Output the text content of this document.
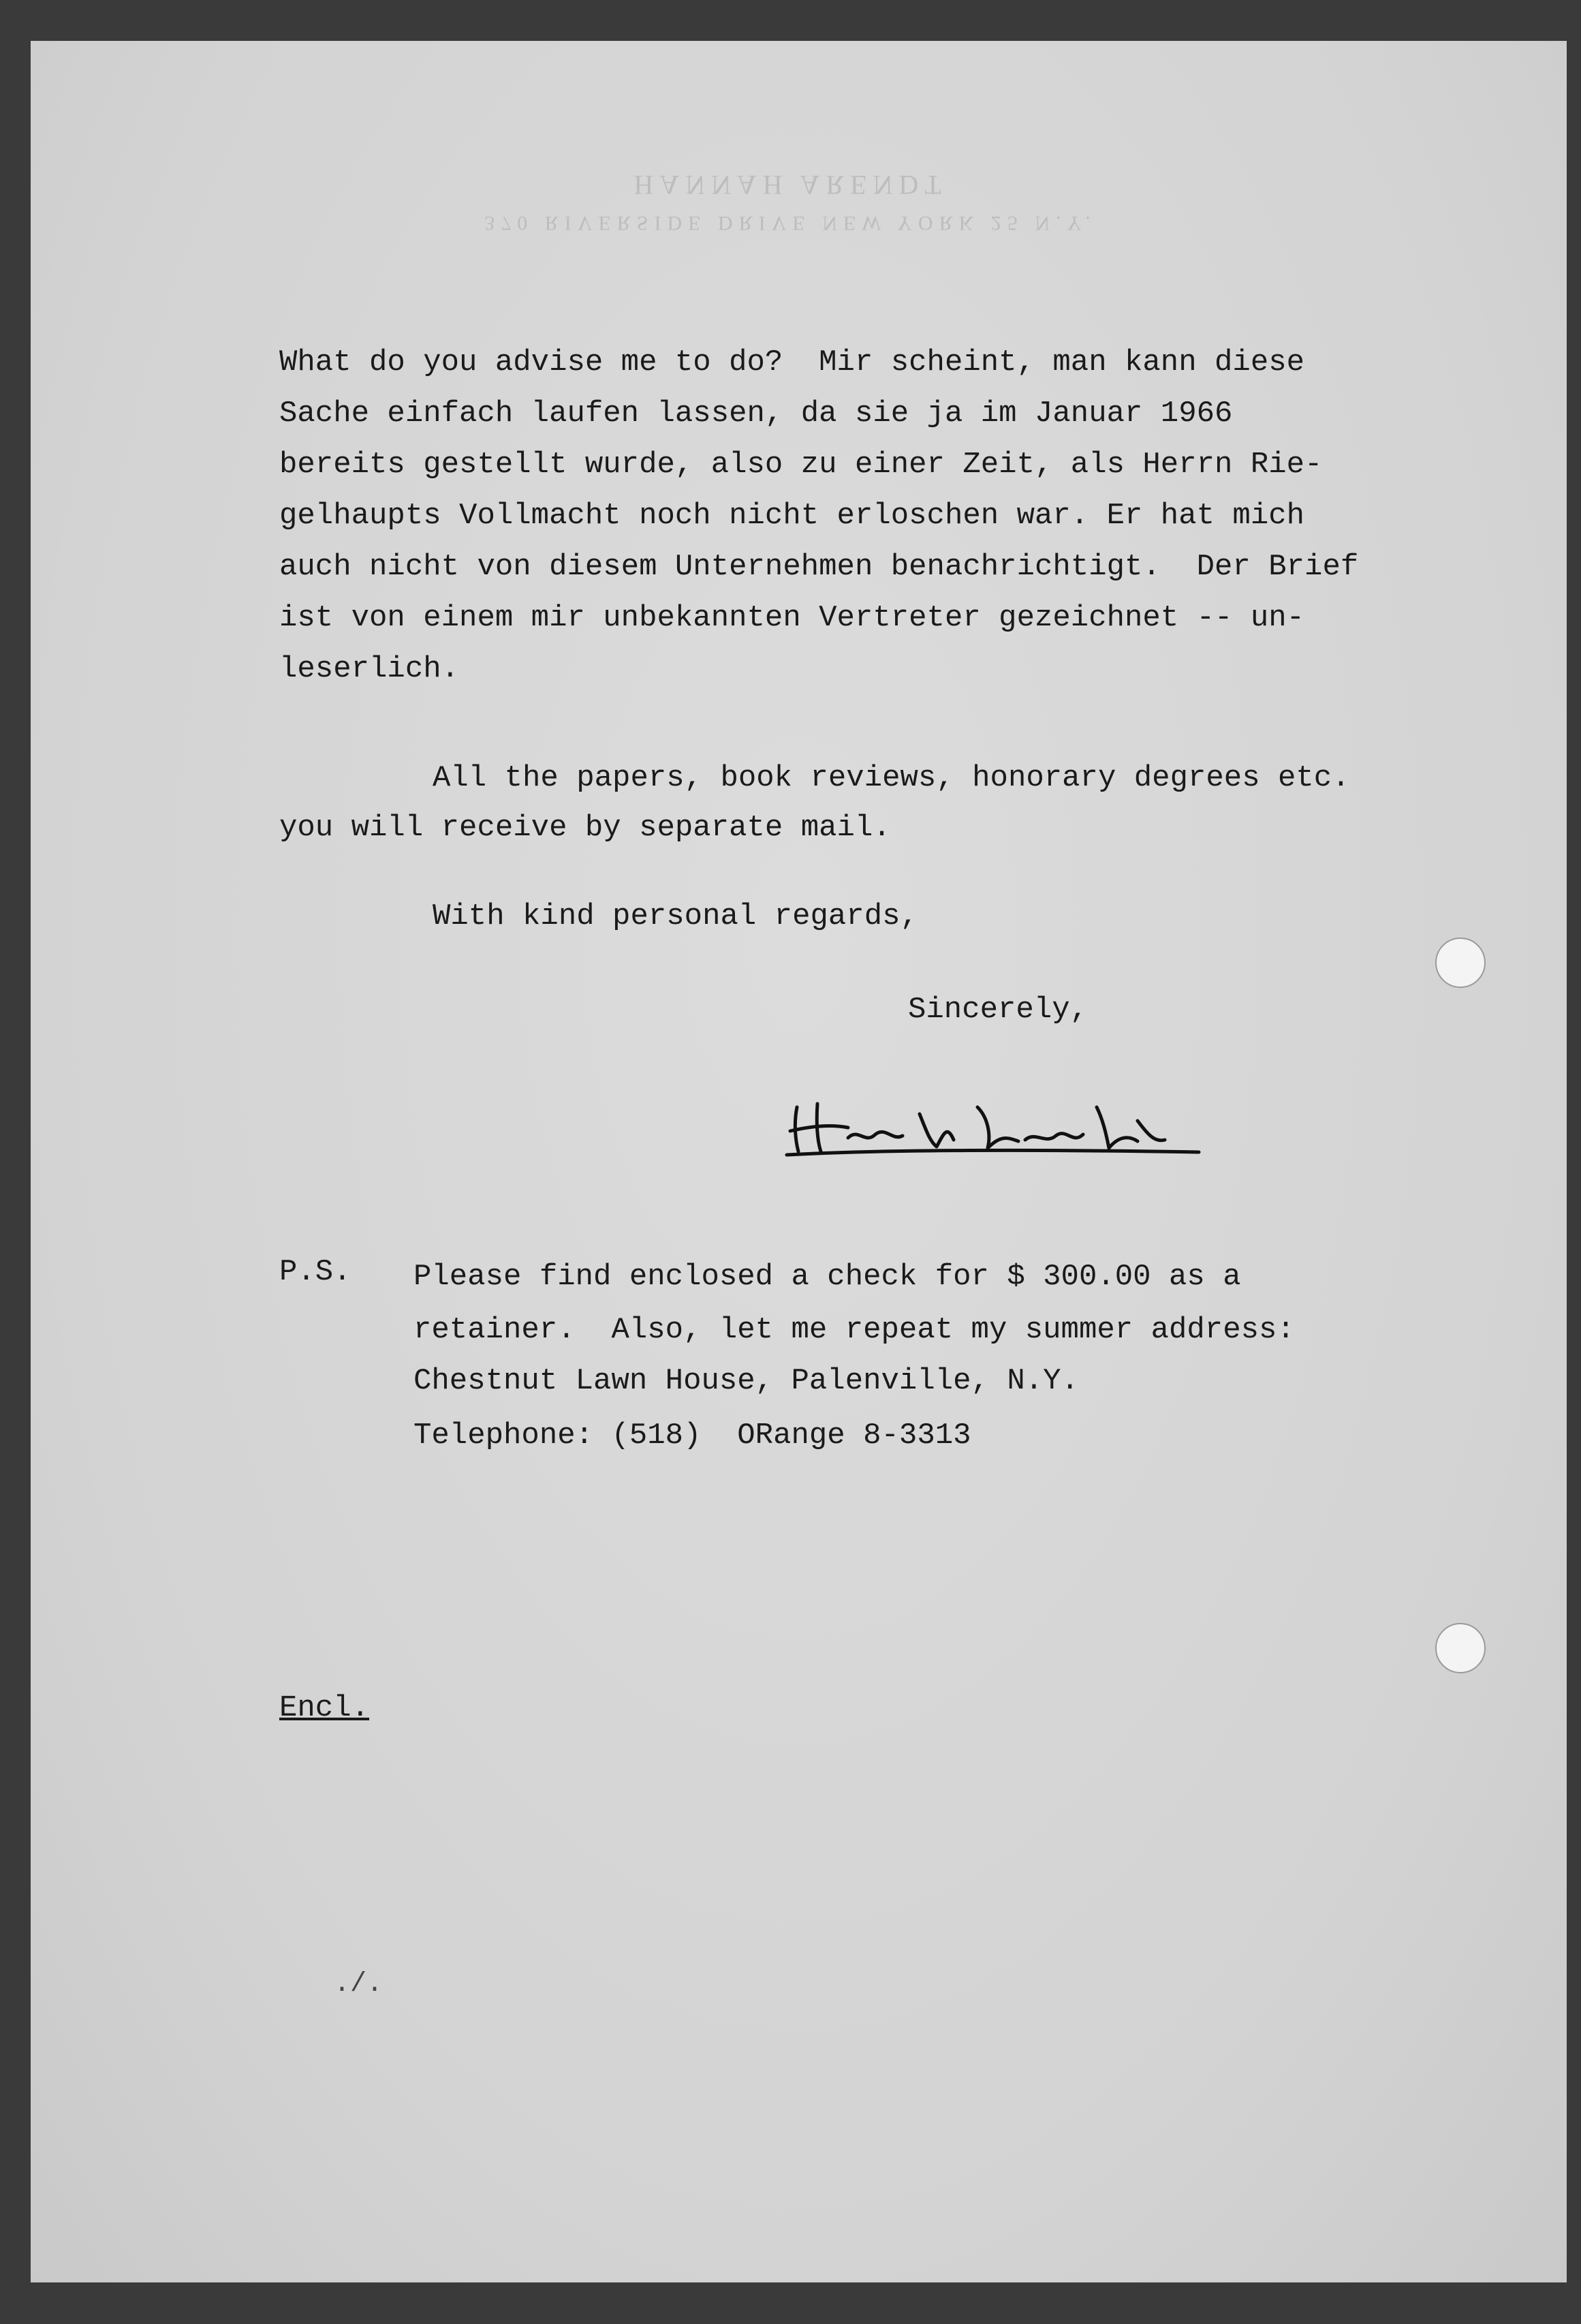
HANNAH ARENDT
370 RIVERSIDE DRIVE NEW YORK 25 N.Y.
What do you advise me to do?  Mir scheint, man kann diese
Sache einfach laufen lassen, da sie ja im Januar 1966
bereits gestellt wurde, also zu einer Zeit, als Herrn Rie-
gelhaupts Vollmacht noch nicht erloschen war. Er hat mich
auch nicht von diesem Unternehmen benachrichtigt.  Der Brief
ist von einem mir unbekannten Vertreter gezeichnet -- un-
leserlich.
All the papers, book reviews, honorary degrees etc.
you will receive by separate mail.
With kind personal regards,
Sincerely,
P.S. Please find enclosed a check for $ 300.00 as a
retainer.  Also, let me repeat my summer address:
Chestnut Lawn House, Palenville, N.Y.
Telephone: (518)  ORange 8-3313
Encl.
./.
